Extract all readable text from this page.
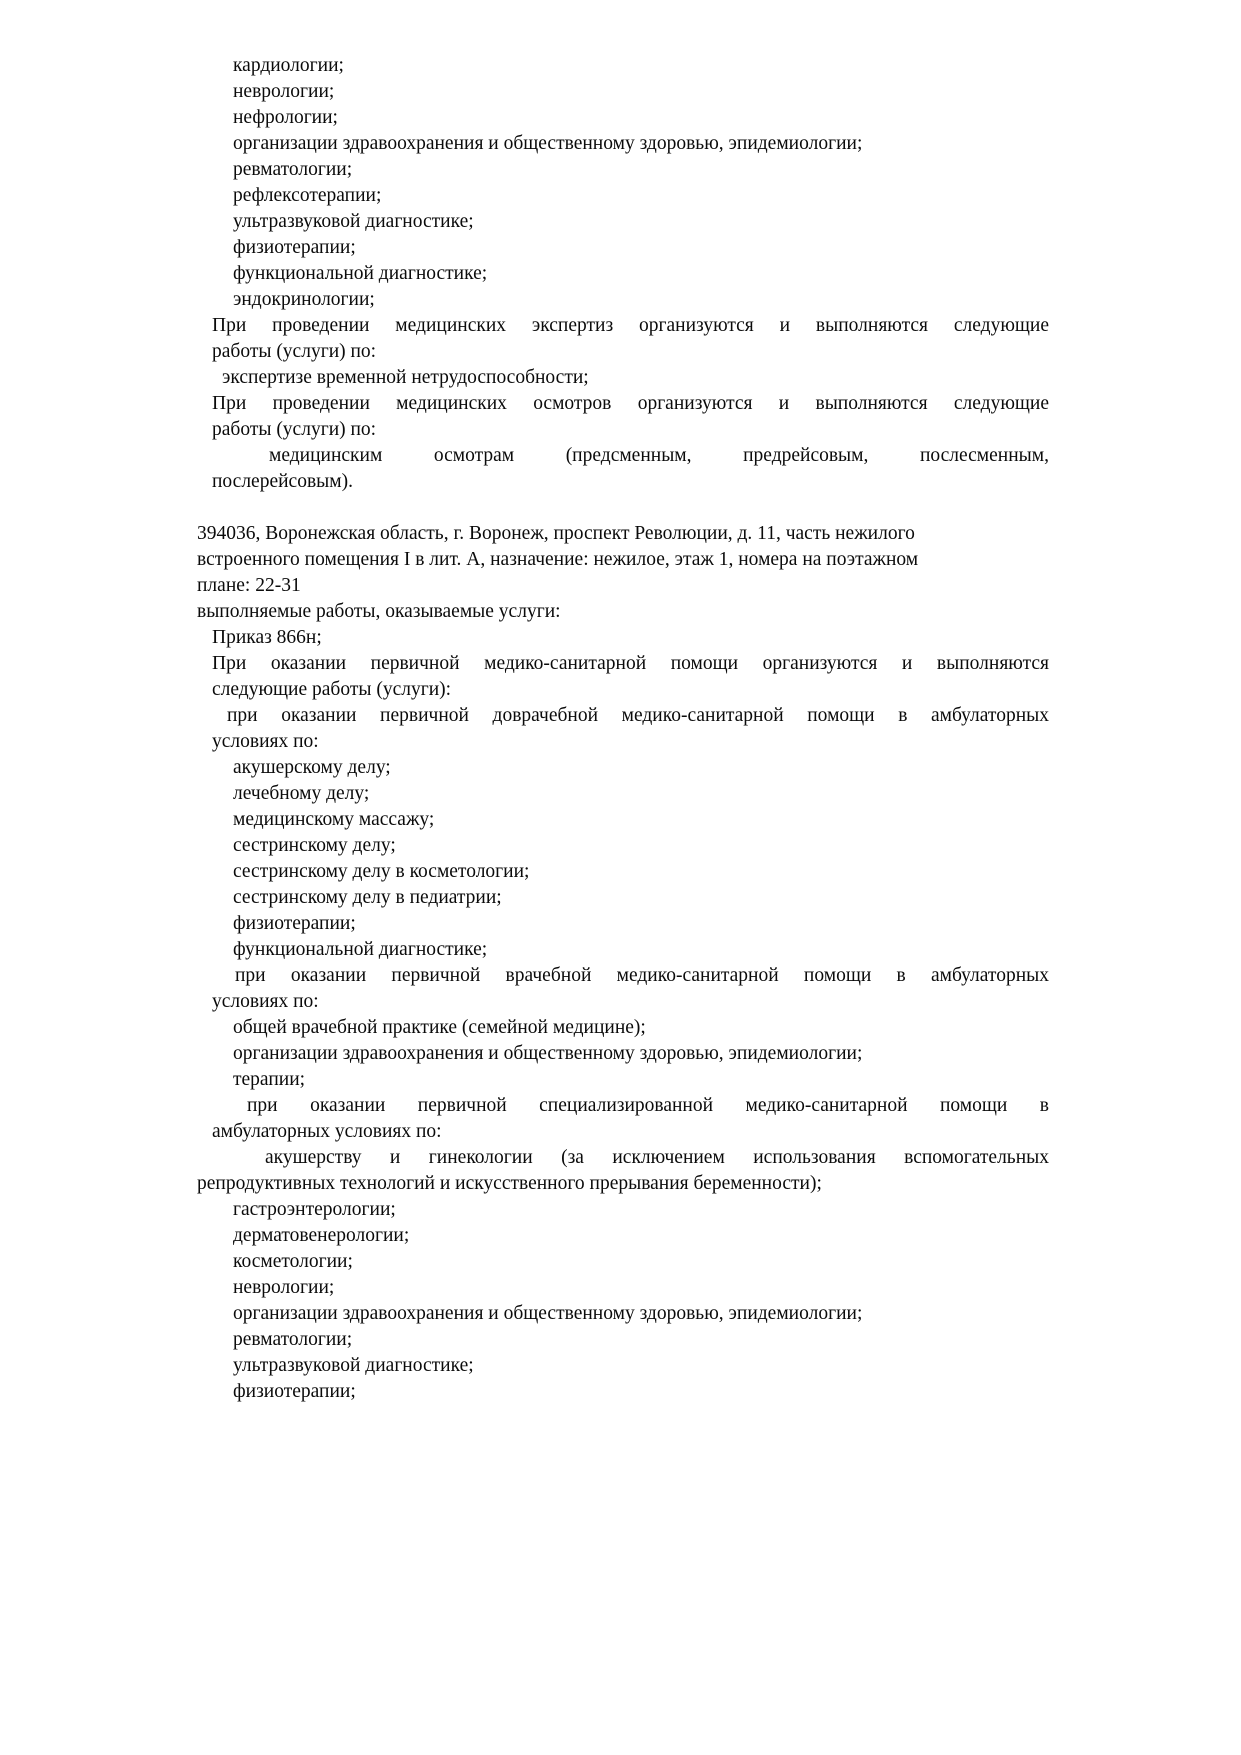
кардиологии;
неврологии;
нефрологии;
организации здравоохранения и общественному здоровью, эпидемиологии;
ревматологии;
рефлексотерапии;
ультразвуковой диагностике;
физиотерапии;
функциональной диагностике;
эндокринологии;
При проведении медицинских экспертиз организуются и выполняются следующие
работы (услуги) по:
экспертизе временной нетрудоспособности;
При проведении медицинских осмотров организуются и выполняются следующие
работы (услуги) по:
медицинским осмотрам (предсменным, предрейсовым, послесменным,
послерейсовым).
394036, Воронежская область, г. Воронеж, проспект Революции, д. 11, часть нежилого
встроенного помещения I в лит. А, назначение: нежилое, этаж 1, номера на поэтажном
плане: 22-31
выполняемые работы, оказываемые услуги:
Приказ 866н;
При оказании первичной медико-санитарной помощи организуются и выполняются
следующие работы (услуги):
при оказании первичной доврачебной медико-санитарной помощи в амбулаторных
условиях по:
акушерскому делу;
лечебному делу;
медицинскому массажу;
сестринскому делу;
сестринскому делу в косметологии;
сестринскому делу в педиатрии;
физиотерапии;
функциональной диагностике;
при оказании первичной врачебной медико-санитарной помощи в амбулаторных
условиях по:
общей врачебной практике (семейной медицине);
организации здравоохранения и общественному здоровью, эпидемиологии;
терапии;
при оказании первичной специализированной медико-санитарной помощи в
амбулаторных условиях по:
акушерству и гинекологии (за исключением использования вспомогательных
репродуктивных технологий и искусственного прерывания беременности);
гастроэнтерологии;
дерматовенерологии;
косметологии;
неврологии;
организации здравоохранения и общественному здоровью, эпидемиологии;
ревматологии;
ультразвуковой диагностике;
физиотерапии;
